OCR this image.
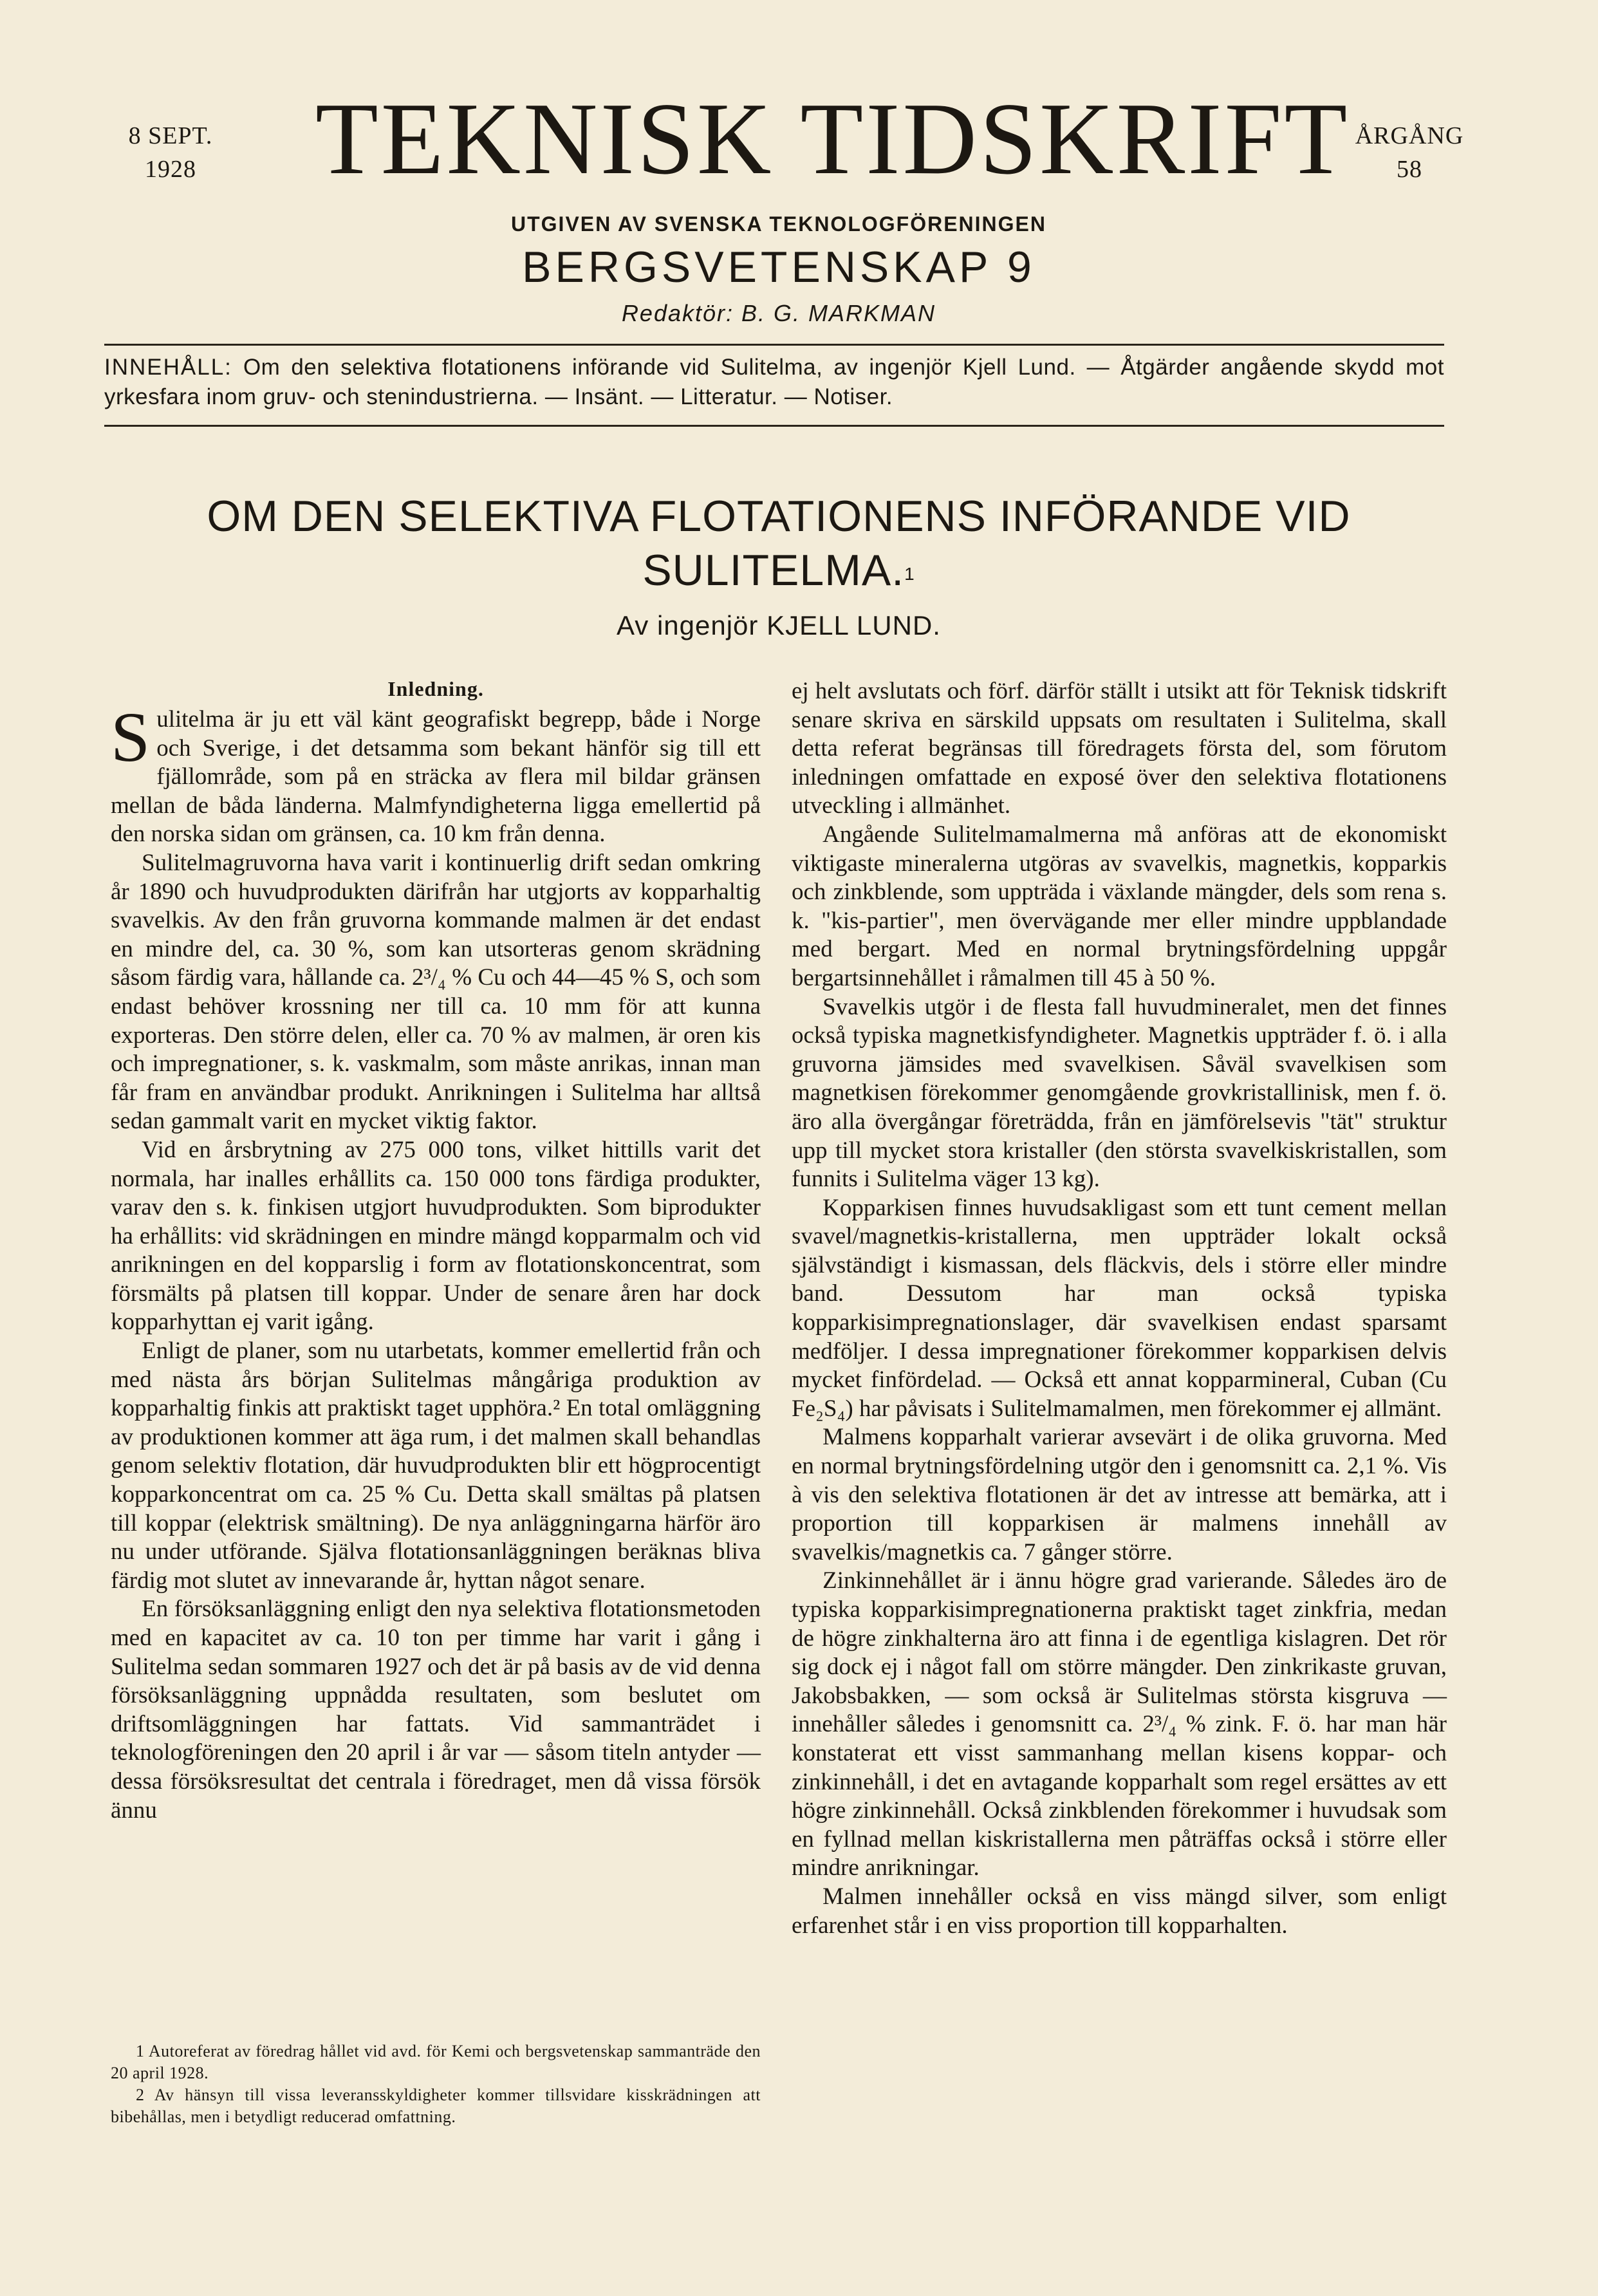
8 SEPT.
1928	TEKNISK TIDSKRIFT ÅRGÅNG
58
UTGIVEN AV SVENSKA TEKNOLOGFÖRENINGEN
BERGSVETENSKAP 9
Redaktör: B. G. MARKMAN
INNEHÅLL: Om den selektiva flotationens införande vid Sulitelma, av ingenjör Kjell Lund. — Åtgärder angående skydd mot yrkesfara inom gruv- och stenindustrierna. — Insänt. — Litteratur. — Notiser.
OM DEN SELEKTIVA FLOTATIONENS INFÖRANDE VID SULITELMA.$^1$
Av ingenjör KJELL LUND.
Inledning.

Sulitelma är ju ett väl känt geografiskt begrepp, både i Norge och Sverige, i det detsamma som bekant hänför sig till ett fjällområde, som på en sträcka av flera mil bildar gränsen mellan de båda länderna. Malmfyndigheterna ligga emellertid på den norska sidan om gränsen, ca. 10 km från denna.

Sulitelmagruvorna hava varit i kontinuerlig drift sedan omkring år 1890 och huvudprodukten därifrån har utgjorts av kopparhaltig svavelkis. Av den från gruvorna kommande malmen är det endast en mindre del, ca. 30 %, som kan utsorteras genom skrädning såsom färdig vara, hållande ca. 2³/₄ % Cu och 44—45 % S, och som endast behöver krossning ner till ca. 10 mm för att kunna exporteras. Den större delen, eller ca. 70 % av malmen, är oren kis och impregnationer, s. k. vaskmalm, som måste anrikas, innan man får fram en användbar produkt. Anrikningen i Sulitelma har alltså sedan gammalt varit en mycket viktig faktor.

Vid en årsbrytning av 275 000 tons, vilket hittills varit det normala, har inalles erhållits ca. 150 000 tons färdiga produkter, varav den s. k. finkisen utgjort huvudprodukten. Som biprodukter ha erhållits: vid skrädningen en mindre mängd kopparmalm och vid anrikningen en del kopparslig i form av flotationskoncentrat, som försmälts på platsen till koppar. Under de senare åren har dock kopparhyttan ej varit igång.

Enligt de planer, som nu utarbetats, kommer emellertid från och med nästa års början Sulitelmas mångåriga produktion av kopparhaltig finkis att praktiskt taget upphöra.² En total omläggning av produktionen kommer att äga rum, i det malmen skall behandlas genom selektiv flotation, där huvudprodukten blir ett högprocentigt kopparkoncentrat om ca. 25 % Cu. Detta skall smältas på platsen till koppar (elektrisk smältning). De nya anläggningarna härför äro nu under utförande. Själva flotationsanläggningen beräknas bliva färdig mot slutet av innevarande år, hyttan något senare.

En försöksanläggning enligt den nya selektiva flotationsmetoden med en kapacitet av ca. 10 ton per timme har varit i gång i Sulitelma sedan sommaren 1927 och det är på basis av de vid denna försöksanläggning uppnådda resultaten, som beslutet om driftsomläggningen har fattats. Vid sammanträdet i teknologföreningen den 20 april i år var — såsom titeln antyder — dessa försöksresultat det centrala i föredraget, men då vissa försök ännu

ej helt avslutats och förf. därför ställt i utsikt att för Teknisk tidskrift senare skriva en särskild uppsats om resultaten i Sulitelma, skall detta referat begränsas till föredragets första del, som förutom inledningen omfattade en exposé över den selektiva flotationens utveckling i allmänhet.

Angående Sulitelmamalmerna må anföras att de ekonomiskt viktigaste mineralerna utgöras av svavelkis, magnetkis, kopparkis och zinkblende, som uppträda i växlande mängder, dels som rena s. k. "kis-partier", men övervägande mer eller mindre uppblandade med bergart. Med en normal brytningsfördelning uppgår bergartsinnehållet i råmalmen till 45 à 50 %.

Svavelkis utgör i de flesta fall huvudmineralet, men det finnes också typiska magnetkisfyndigheter. Magnetkis uppträder f. ö. i alla gruvorna jämsides med svavelkisen. Såväl svavelkisen som magnetkisen förekommer genomgående grovkristallinisk, men f. ö. äro alla övergångar företrädda, från en jämförelsevis "tät" struktur upp till mycket stora kristaller (den största svavelkiskristallen, som funnits i Sulitelma väger 13 kg).

Kopparkisen finnes huvudsakligast som ett tunt cement mellan svavel/magnetkis-kristallerna, men uppträder lokalt också självständigt i kismassan, dels fläckvis, dels i större eller mindre band. Dessutom har man också typiska kopparkisimpregnationslager, där svavelkisen endast sparsamt medföljer. I dessa impregnationer förekommer kopparkisen delvis mycket finfördelad. — Också ett annat kopparmineral, Cuban (Cu Fe₂S₄) har påvisats i Sulitelmamalmen, men förekommer ej allmänt.

Malmens kopparhalt varierar avsevärt i de olika gruvorna. Med en normal brytningsfördelning utgör den i genomsnitt ca. 2,1 %. Vis à vis den selektiva flotationen är det av intresse att bemärka, att i proportion till kopparkisen är malmens innehåll av svavelkis/magnetkis ca. 7 gånger större.

Zinkinnehållet är i ännu högre grad varierande. Således äro de typiska kopparkisimpregnationerna praktiskt taget zinkfria, medan de högre zinkhalterna äro att finna i de egentliga kislagren. Det rör sig dock ej i något fall om större mängder. Den zinkrikaste gruvan, Jakobsbakken, — som också är Sulitelmas största kisgruva — innehåller således i genomsnitt ca. 2³/₄ % zink. F. ö. har man här konstaterat ett visst sammanhang mellan kisens koppar- och zinkinnehåll, i det en avtagande kopparhalt som regel ersättes av ett högre zinkinnehåll. Också zinkblenden förekommer i huvudsak som en fyllnad mellan kiskristallerna men påträffas också i större eller mindre anrikningar.

Malmen innehåller också en viss mängd silver, som enligt erfarenhet står i en viss proportion till kopparhalten.

1 Autoreferat av föredrag hållet vid avd. för Kemi och bergsvetenskap sammanträde den 20 april 1928.

2 Av hänsyn till vissa leveransskyldigheter kommer tillsvidare kisskrädningen att bibehållas, men i betydligt reducerad omfattning.
